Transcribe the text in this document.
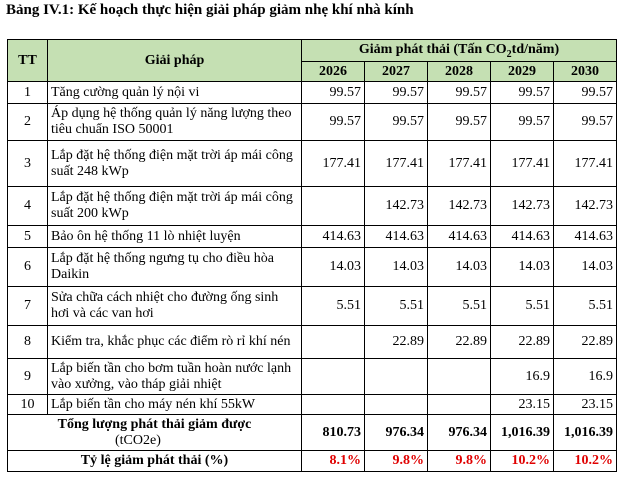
Bảng IV.1: Kế hoạch thực hiện giải pháp giảm nhẹ khí nhà kính
TT	Giải pháp	Giảm phát thải (Tấn $CO_2td/năm$)				
		2026	2027	2028	2029	2030
1	Tăng cường quản lý nội vi	99.57	99.57	99.57	99.57	99.57
2	Áp dụng hệ thống quản lý năng lượng theo tiêu chuẩn ISO 50001	99.57	99.57	99.57	99.57	99.57
3	Lắp đặt hệ thống điện mặt trời áp mái công suất 248 kWp	177.41	177.41	177.41	177.41	177.41
4	Lắp đặt hệ thống điện mặt trời áp mái công suất 200 kWp		142.73	142.73	142.73	142.73
5	Bảo ôn hệ thống 11 lò nhiệt luyện	414.63	414.63	414.63	414.63	414.63
6	Lắp đặt hệ thống ngưng tụ cho điều hòa Daikin	14.03	14.03	14.03	14.03	14.03
7	Sửa chữa cách nhiệt cho đường ống sinh hơi và các van hơi	5.51	5.51	5.51	5.51	5.51
8	Kiểm tra, khắc phục các điểm rò rỉ khí nén		22.89	22.89	22.89	22.89
9	Lắp biến tần cho bơm tuần hoàn nước lạnh vào xưởng, vào tháp giải nhiệt				16.9	16.9
10	Lắp biến tần cho máy nén khí 55kW				23.15	23.15

Tổng lượng phát thải giảm được
(tCO2e)		810.73	976.34	976.34	1,016.39	1,016.39
Tỷ lệ giảm phát thải (%)		8.1%	9.8%	9.8%	10.2%	10.2%
